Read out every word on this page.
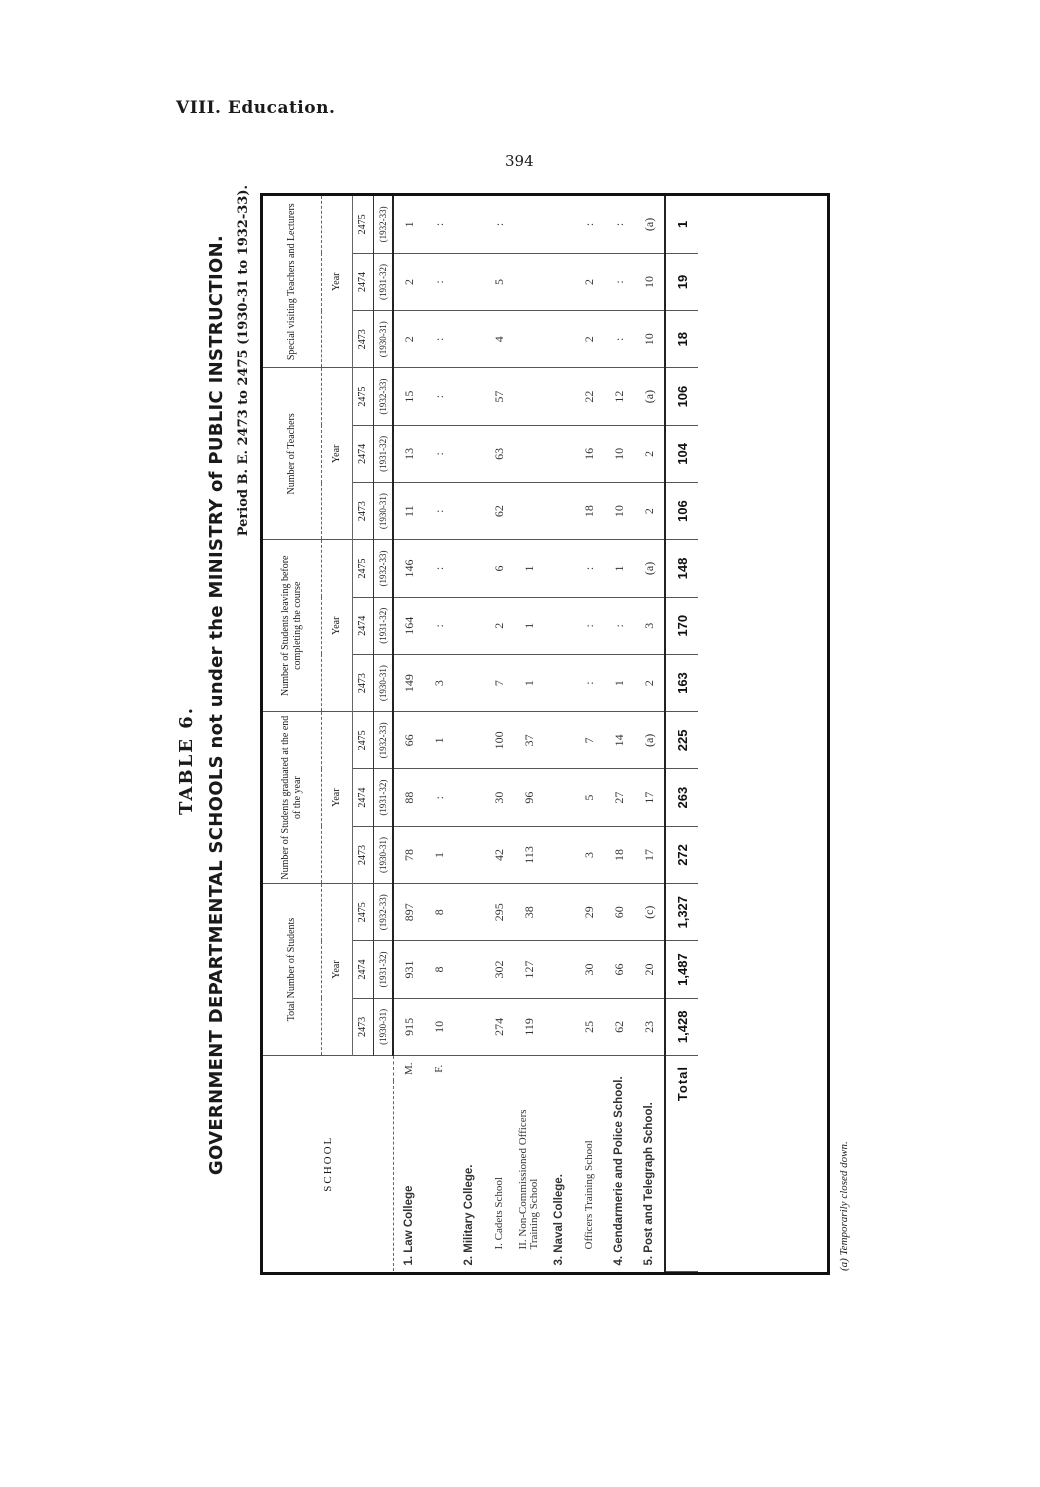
VIII. Education.
394
TABLE 6. GOVERNMENT DEPARTMENTAL SCHOOLS not under the MINISTRY of PUBLIC INSTRUCTION. Period B. E. 2473 to 2475 (1930-31 to 1932-33).
SCHOOL		Total Number of Students			Number of Students graduated at the end of the year			Number of Students leaving before completing the course			Number of Teachers			Special visiting Teachers and Lecturers		
		Year			Year			Year			Year			Year		
		2473	2474	2475	2473	2474	2475	2473	2474	2475	2473	2474	2475	2473	2474	2475
		(1930-31)	(1931-32)	(1932-33)	(1930-31)	(1931-32)	(1932-33)	(1930-31)	(1931-32)	(1932-33)	(1930-31)	(1931-32)	(1932-33)	(1930-31)	(1931-32)	(1932-33)
1. Law College	M.	915	931	897	78	88	66	149	164	146	11	13	15	2	2	1
	F.	10	8	8	1	:	1	3	:	:	:	:	:	:	:	:
2. Military College.																
I. Cadets School		274	302	295	42	30	100	7	2	6	62	63	57	4	5	:
II. Non-Commissioned Officers Training School		119	127	38	113	96	37	1	1	1						
3. Naval College.																
Officers Training School		25	30	29	3	5	7	:	:	:	18	16	22	2	2	:
4. Gendarmerie and Police School.		62	66	60	18	27	14	1	:	1	10	10	12	:	:	:
5. Post and Telegraph School.		23	20	(c)	17	17	(a)	2	3	(a)	2	2	(a)	10	10	(a)
Total		1,428	1,487	1,327	272	263	225	163	170	148	106	104	106	18	19	1
(a) Temporarily closed down.
